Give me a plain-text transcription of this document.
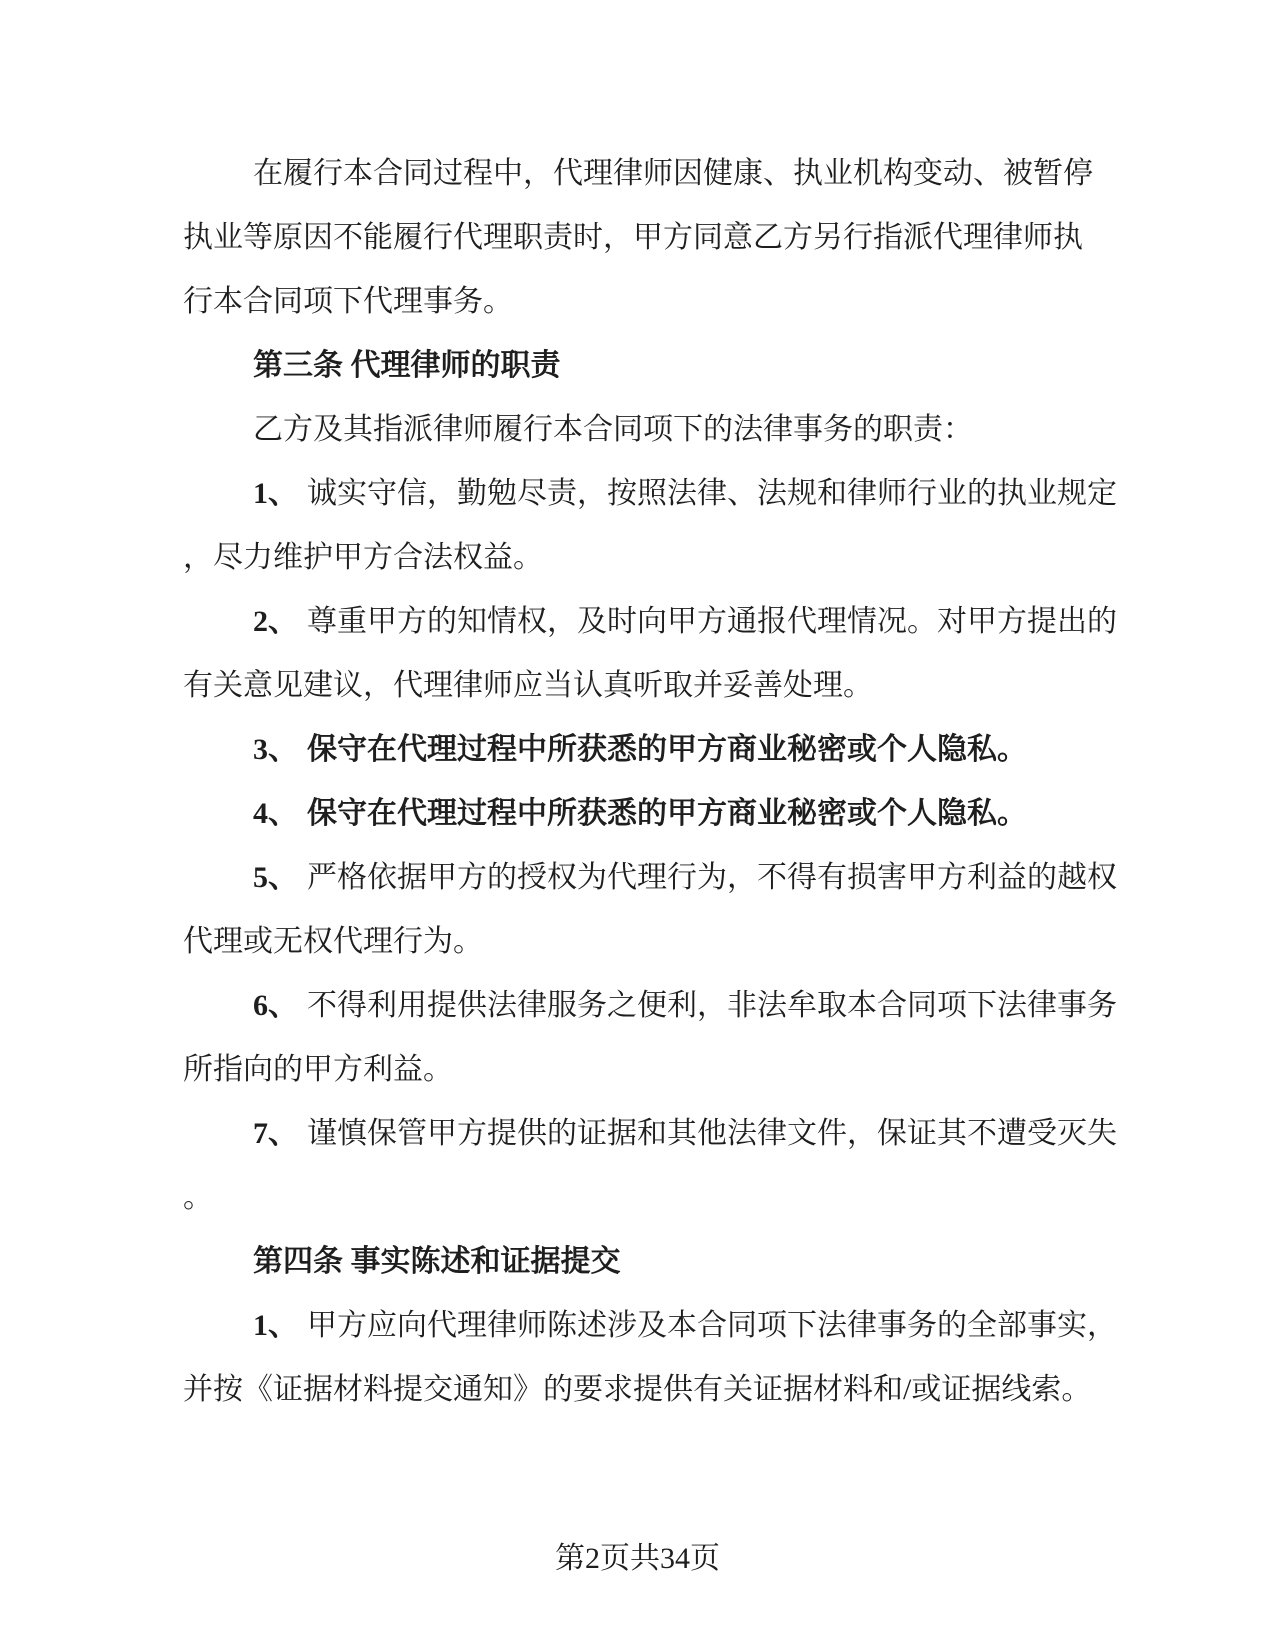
在履行本合同过程中，代理律师因健康、执业机构变动、被暂停
执业等原因不能履行代理职责时，甲方同意乙方另行指派代理律师执
行本合同项下代理事务。
第三条 代理律师的职责
乙方及其指派律师履行本合同项下的法律事务的职责：
1、 诚实守信，勤勉尽责，按照法律、法规和律师行业的执业规定
，尽力维护甲方合法权益。
2、 尊重甲方的知情权，及时向甲方通报代理情况。对甲方提出的
有关意见建议，代理律师应当认真听取并妥善处理。
3、 保守在代理过程中所获悉的甲方商业秘密或个人隐私。
4、 保守在代理过程中所获悉的甲方商业秘密或个人隐私。
5、 严格依据甲方的授权为代理行为，不得有损害甲方利益的越权
代理或无权代理行为。
6、 不得利用提供法律服务之便利，非法牟取本合同项下法律事务
所指向的甲方利益。
7、 谨慎保管甲方提供的证据和其他法律文件，保证其不遭受灭失
。
第四条 事实陈述和证据提交
1、 甲方应向代理律师陈述涉及本合同项下法律事务的全部事实，
并按《证据材料提交通知》的要求提供有关证据材料和/或证据线索。
第2页共34页
